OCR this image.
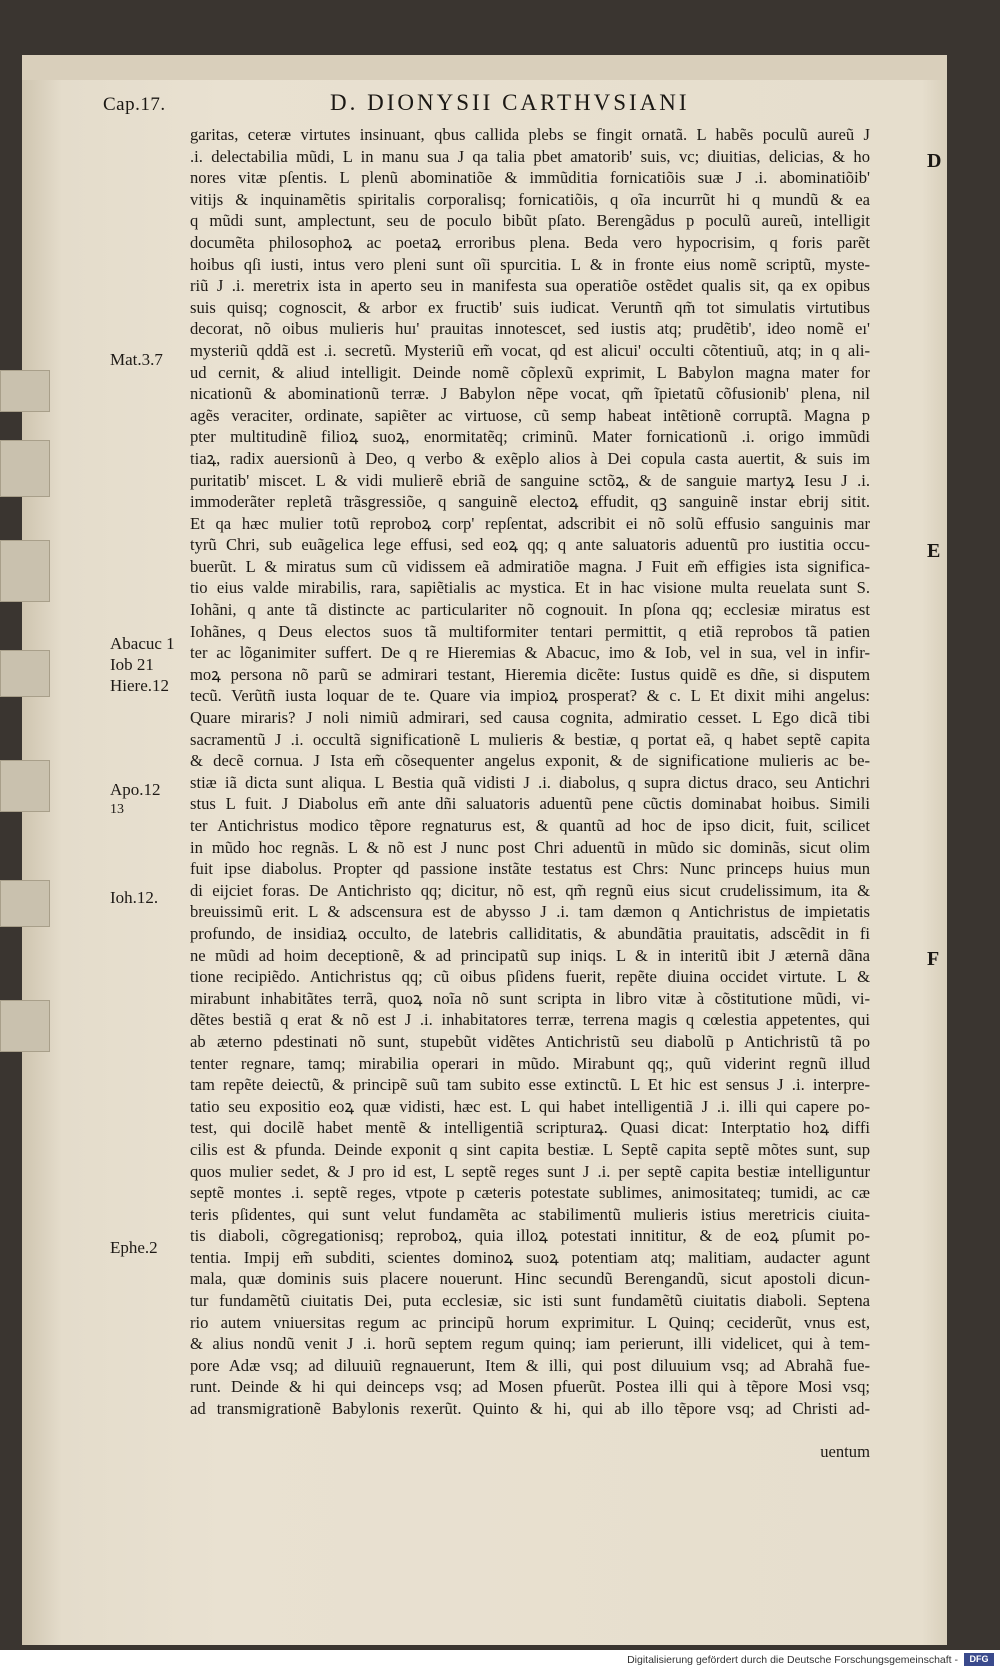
Cap.17.	D. DIONYSII CARTHVSIANI
D
E
F
Mat.3.7
Abacuc 1
Iob 21
Hiere.12
Apo.12
13
Ioh.12.
Ephe.2
garitas, ceteræ virtutes insinuant, qbus callida plebs se fingit ornatã. L habẽs poculũ aureũ J
.i. delectabilia mũdi, L in manu sua J qa talia pbet amatorib' suis, vc; diuitias, delicias, & ho
nores vitæ pſentis. L plenũ abominatiõe & immũditia fornicatiõis suæ J .i. abominatiõib'
vitijs & inquinamẽtis spiritalis corporalisq; fornicatiõis, q oĩa incurrũt hi q mundũ & ea
q mũdi sunt, amplectunt, seu de poculo bibũt pſato. Berengãdus p poculũ aureũ, intelligit
documẽta philosophoꝝ ac poetaꝝ erroribus plena. Beda vero hypocrisim, q foris parẽt
hoibus qſi iusti, intus vero pleni sunt oĩi spurcitia. L & in fronte eius nomẽ scriptũ, myste-
riũ J .i. meretrix ista in aperto seu in manifesta sua operatiõe ostẽdet qualis sit, qa ex opibus
suis quisq; cognoscit, & arbor ex fructib' suis iudicat. Veruntñ qm̃ tot simulatis virtutibus
decorat, nõ oibus mulieris huı' prauitas innotescet, sed iustis atq; prudẽtib', ideo nomẽ eı'
mysteriũ qddã est .i. secretũ. Mysteriũ em̃ vocat, qd est alicui' occulti cõtentiuũ, atq; in q ali-
ud cernit, & aliud intelligit. Deinde nomẽ cõplexũ exprimit, L Babylon magna mater for
nicationũ & abominationũ terræ. J Babylon nẽpe vocat, qm̃ ĩpietatũ cõfusionib' plena, nil
agẽs veraciter, ordinate, sapiẽter ac virtuose, cũ semp habeat intẽtionẽ corruptã. Magna p
pter multitudinẽ filioꝝ suoꝝ, enormitatẽq; criminũ. Mater fornicationũ .i. origo immũdi
tiaꝝ, radix auersionũ à Deo, q verbo & exẽplo alios à Dei copula casta auertit, & suis im
puritatib' miscet. L & vidi mulierẽ ebriã de sanguine sctõꝝ, & de sanguie martyꝝ Iesu J .i.
immoderãter repletã trãsgressiõe, q sanguinẽ electoꝝ effudit, qꝫ sanguinẽ instar ebrij sitit.
Et qa hæc mulier totũ reproboꝝ corp' repſentat, adscribit ei nõ solũ effusio sanguinis mar
tyrũ Chri, sub euãgelica lege effusi, sed eoꝝ qq; q ante saluatoris aduentũ pro iustitia occu-
buerũt. L & miratus sum cũ vidissem eã admiratiõe magna. J Fuit em̃ effigies ista significa-
tio eius valde mirabilis, rara, sapiẽtialis ac mystica. Et in hac visione multa reuelata sunt S.
Iohãni, q ante tã distincte ac particulariter nõ cognouit. In pſona qq; ecclesiæ miratus est
Iohãnes, q Deus electos suos tã multiformiter tentari permittit, q etiã reprobos tã patien
ter ac lõganimiter suffert. De q re Hieremias & Abacuc, imo & Iob, vel in sua, vel in infir-
moꝝ persona nõ parũ se admirari testant, Hieremia dicẽte: Iustus quidẽ es dñe, si disputem
tecũ. Verũtñ iusta loquar de te. Quare via impioꝝ prosperat? & c. L Et dixit mihi angelus:
Quare miraris? J noli nimiũ admirari, sed causa cognita, admiratio cesset. L Ego dicã tibi
sacramentũ J .i. occultã significationẽ L mulieris & bestiæ, q portat eã, q habet septẽ capita
& decẽ cornua. J Ista em̃ cõsequenter angelus exponit, & de significatione mulieris ac be-
stiæ iã dicta sunt aliqua. L Bestia quã vidisti J .i. diabolus, q supra dictus draco, seu Antichri
stus L fuit. J Diabolus em̃ ante dñi saluatoris aduentũ pene cũctis dominabat hoibus. Simili
ter Antichristus modico tẽpore regnaturus est, & quantũ ad hoc de ipso dicit, fuit, scilicet
in mũdo hoc regnãs. L & nõ est J nunc post Chri aduentũ in mũdo sic dominãs, sicut olim
fuit ipse diabolus. Propter qd passione instãte testatus est Chrs: Nunc princeps huius mun
di eijciet foras. De Antichristo qq; dicitur, nõ est, qm̃ regnũ eius sicut crudelissimum, ita &
breuissimũ erit. L & adscensura est de abysso J .i. tam dæmon q Antichristus de impietatis
profundo, de insidiaꝝ occulto, de latebris calliditatis, & abundãtia prauitatis, adscẽdit in fi
ne mũdi ad hoim deceptionẽ, & ad principatũ sup iniqs. L & in interitũ ibit J æternã dãna
tione recipiẽdo. Antichristus qq; cũ oibus pſidens fuerit, repẽte diuina occidet virtute. L &
mirabunt inhabitãtes terrã, quoꝝ noĩa nõ sunt scripta in libro vitæ à cõstitutione mũdi, vi-
dẽtes bestiã q erat & nõ est J .i. inhabitatores terræ, terrena magis q cœlestia appetentes, qui
ab æterno pdestinati nõ sunt, stupebũt vidẽtes Antichristũ seu diabolũ p Antichristũ tã po
tenter regnare, tamq; mirabilia operari in mũdo. Mirabunt qq;, quũ viderint regnũ illud
tam repẽte deiectũ, & principẽ suũ tam subito esse extinctũ. L Et hic est sensus J .i. interpre-
tatio seu expositio eoꝝ quæ vidisti, hæc est. L qui habet intelligentiã J .i. illi qui capere po-
test, qui docilẽ habet mentẽ & intelligentiã scripturaꝝ. Quasi dicat: Interptatio hoꝝ diffi
cilis est & pfunda. Deinde exponit q sint capita bestiæ. L Septẽ capita septẽ mõtes sunt, sup
quos mulier sedet, & J pro id est, L septẽ reges sunt J .i. per septẽ capita bestiæ intelliguntur
septẽ montes .i. septẽ reges, vtpote p cæteris potestate sublimes, animositateq; tumidi, ac cæ
teris pſidentes, qui sunt velut fundamẽta ac stabilimentũ mulieris istius meretricis ciuita-
tis diaboli, cõgregationisq; reproboꝝ, quia illoꝝ potestati innititur, & de eoꝝ pſumit po-
tentia. Impij em̃ subditi, scientes dominoꝝ suoꝝ potentiam atq; malitiam, audacter agunt
mala, quæ dominis suis placere nouerunt. Hinc secundũ Berengandũ, sicut apostoli dicun-
tur fundamẽtũ ciuitatis Dei, puta ecclesiæ, sic isti sunt fundamẽtũ ciuitatis diaboli. Septena
rio autem vniuersitas regum ac principũ horum exprimitur. L Quinq; ceciderũt, vnus est,
& alius nondũ venit J .i. horũ septem regum quinq; iam perierunt, illi videlicet, qui à tem-
pore Adæ vsq; ad diluuiũ regnauerunt, Item & illi, qui post diluuium vsq; ad Abrahã fue-
runt. Deinde & hi qui deinceps vsq; ad Mosen pfuerũt. Postea illi qui à tẽpore Mosi vsq;
ad transmigrationẽ Babylonis rexerũt. Quinto & hi, qui ab illo tẽpore vsq; ad Christi ad-
uentum
Digitalisierung gefördert durch die Deutsche Forschungsgemeinschaft -	DFG
